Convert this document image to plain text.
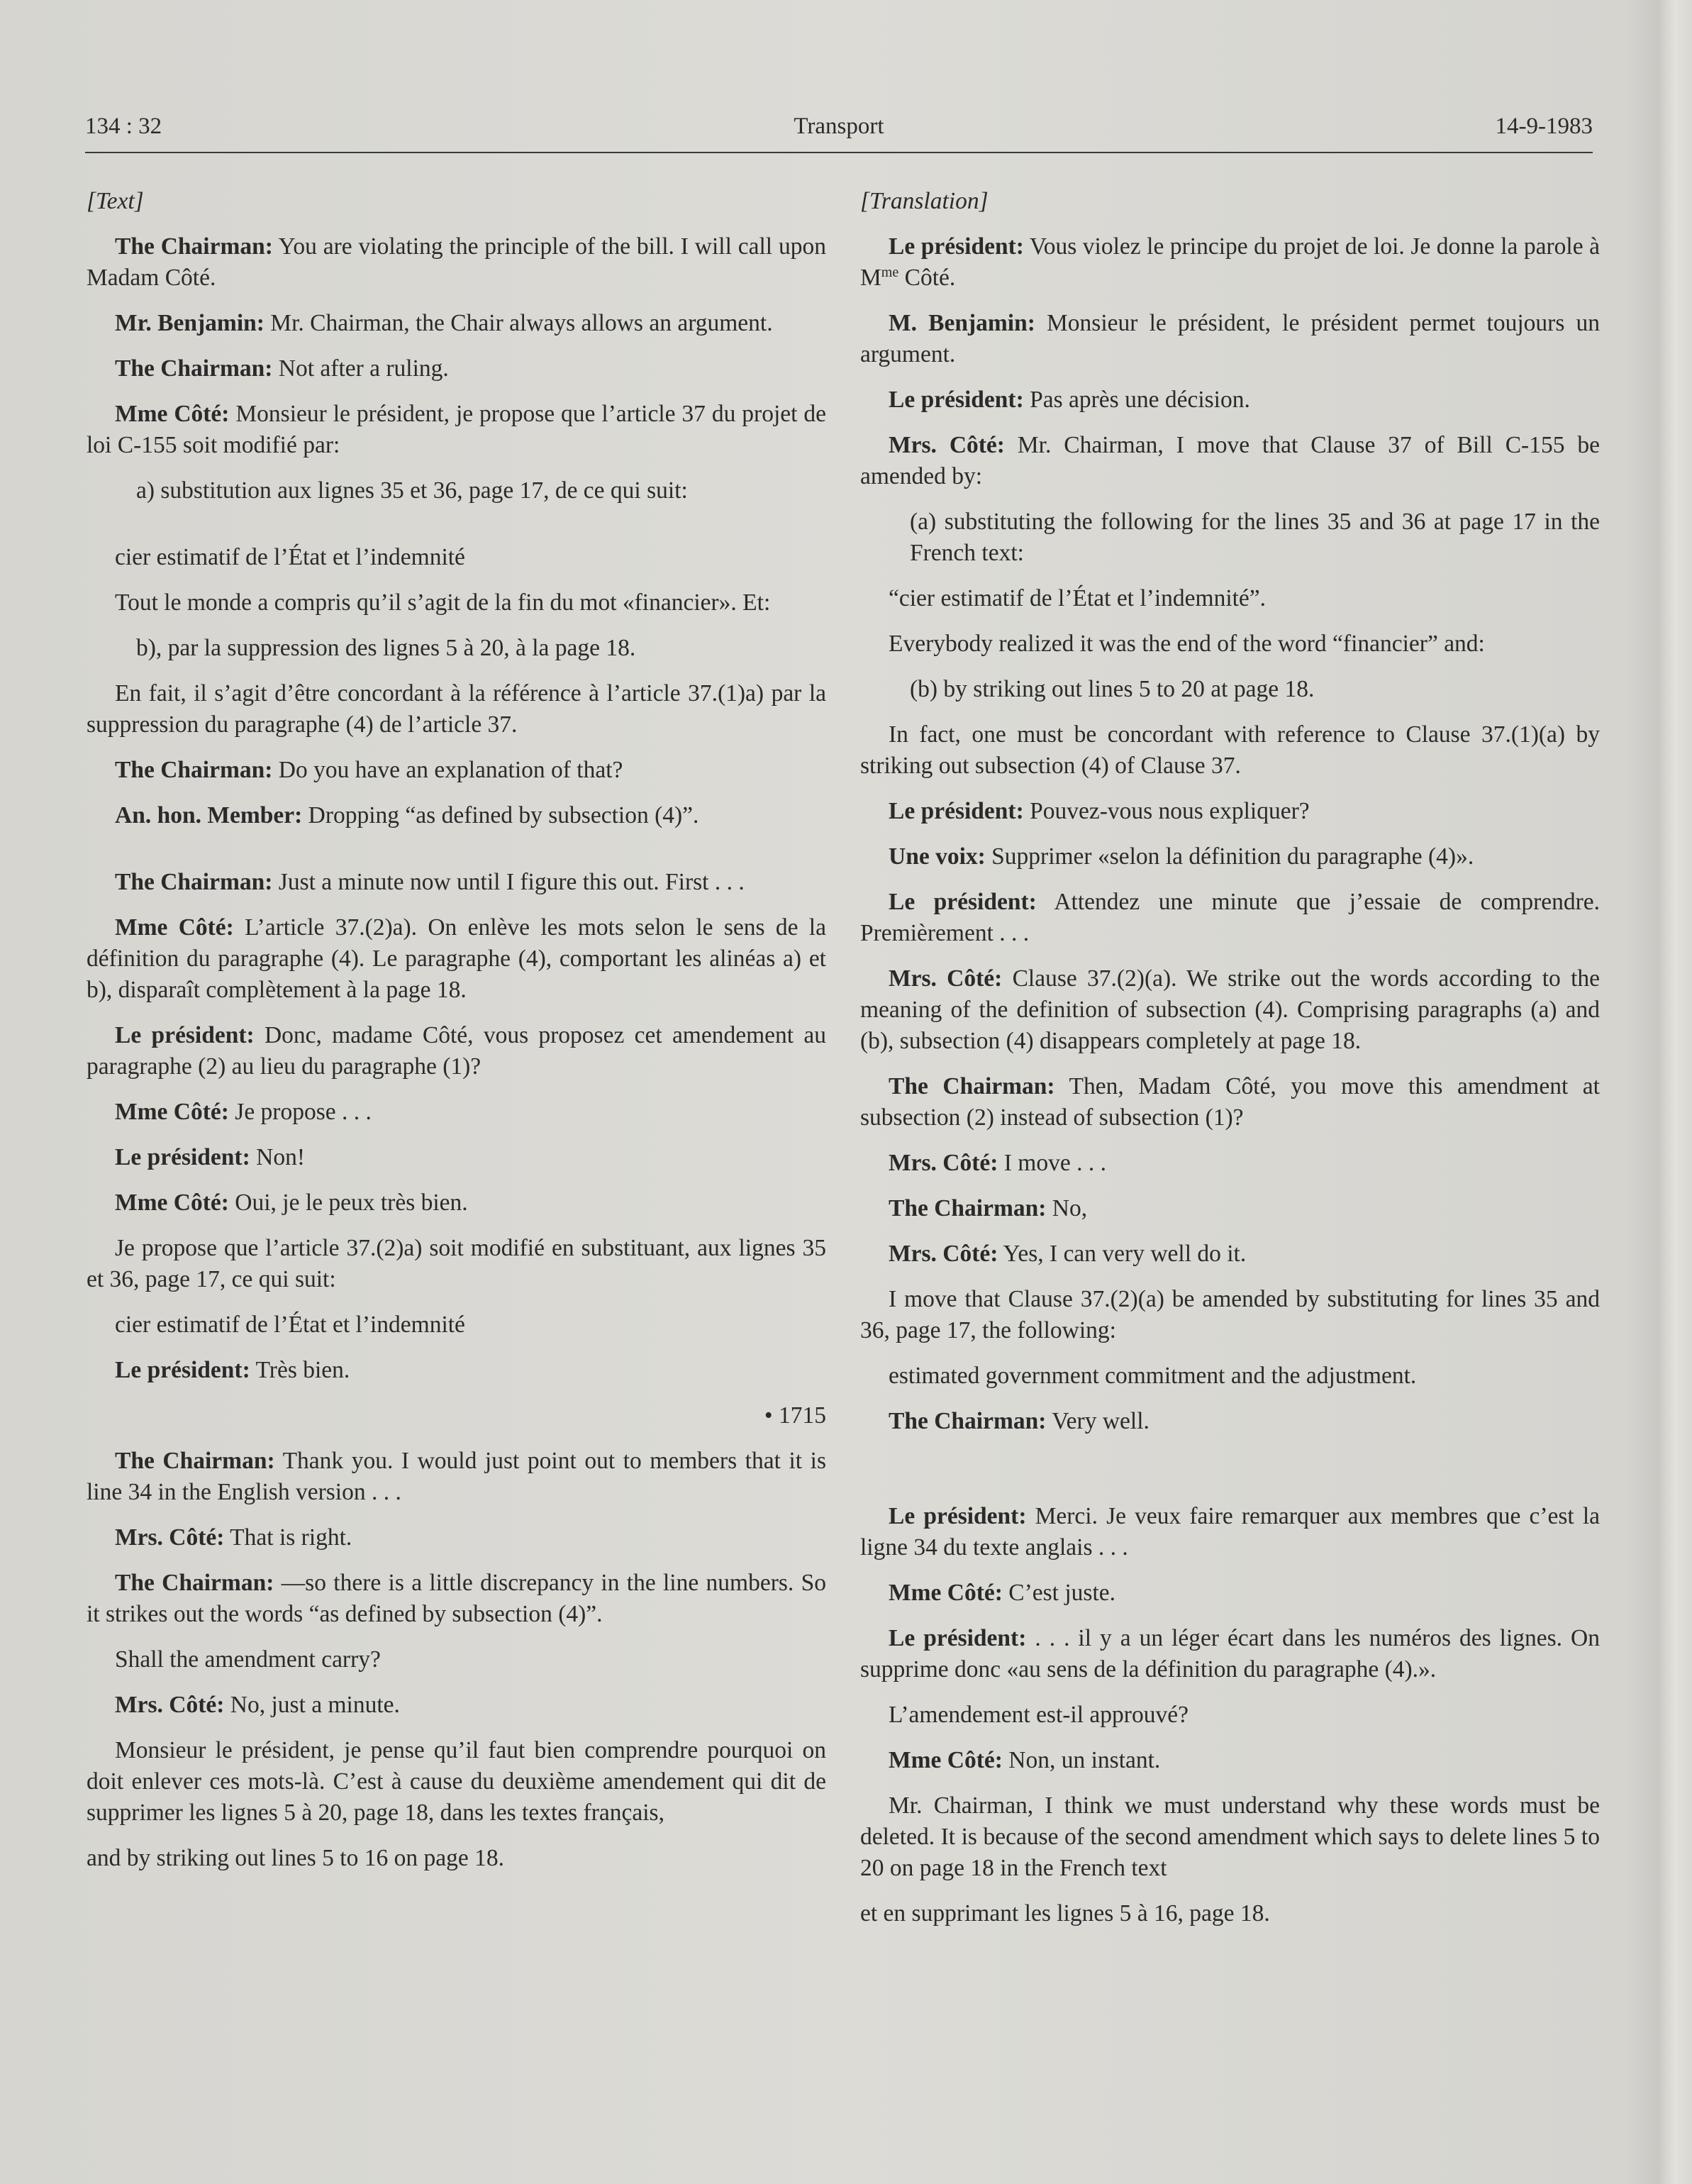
134 : 32	Transport	14-9-1983

[Text]

The Chairman: You are violating the principle of the bill. I will call upon Madam Côté.

Mr. Benjamin: Mr. Chairman, the Chair always allows an argument.

The Chairman: Not after a ruling.

Mme Côté: Monsieur le président, je propose que l’article 37 du projet de loi C-155 soit modifié par:

a) substitution aux lignes 35 et 36, page 17, de ce qui suit:

cier estimatif de l’État et l’indemnité

Tout le monde a compris qu’il s’agit de la fin du mot «financier». Et:

b), par la suppression des lignes 5 à 20, à la page 18.

En fait, il s’agit d’être concordant à la référence à l’article 37.(1)a) par la suppression du paragraphe (4) de l’article 37.

The Chairman: Do you have an explanation of that?

An. hon. Member: Dropping “as defined by subsection (4)”.

The Chairman: Just a minute now until I figure this out. First . . .

Mme Côté: L’article 37.(2)a). On enlève les mots selon le sens de la définition du paragraphe (4). Le paragraphe (4), comportant les alinéas a) et b), disparaît complètement à la page 18.

Le président: Donc, madame Côté, vous proposez cet amendement au paragraphe (2) au lieu du paragraphe (1)?

Mme Côté: Je propose . . .

Le président: Non!

Mme Côté: Oui, je le peux très bien.

Je propose que l’article 37.(2)a) soit modifié en substituant, aux lignes 35 et 36, page 17, ce qui suit:

cier estimatif de l’État et l’indemnité

Le président: Très bien.

• 1715

The Chairman: Thank you. I would just point out to members that it is line 34 in the English version . . .

Mrs. Côté: That is right.

The Chairman: —so there is a little discrepancy in the line numbers. So it strikes out the words “as defined by subsection (4)”.

Shall the amendment carry?

Mrs. Côté: No, just a minute.

Monsieur le président, je pense qu’il faut bien comprendre pourquoi on doit enlever ces mots-là. C’est à cause du deuxième amendement qui dit de supprimer les lignes 5 à 20, page 18, dans les textes français,

and by striking out lines 5 to 16 on page 18.

[Translation]

Le président: Vous violez le principe du projet de loi. Je donne la parole à $M^{me}$ Côté.

M. Benjamin: Monsieur le président, le président permet toujours un argument.

Le président: Pas après une décision.

Mrs. Côté: Mr. Chairman, I move that Clause 37 of Bill C-155 be amended by:

(a) substituting the following for the lines 35 and 36 at page 17 in the French text:

“cier estimatif de l’État et l’indemnité”.

Everybody realized it was the end of the word “financier” and:

(b) by striking out lines 5 to 20 at page 18.

In fact, one must be concordant with reference to Clause 37.(1)(a) by striking out subsection (4) of Clause 37.

Le président: Pouvez-vous nous expliquer?

Une voix: Supprimer «selon la définition du paragraphe (4)».

Le président: Attendez une minute que j’essaie de comprendre. Premièrement . . .

Mrs. Côté: Clause 37.(2)(a). We strike out the words according to the meaning of the definition of subsection (4). Comprising paragraphs (a) and (b), subsection (4) disappears completely at page 18.

The Chairman: Then, Madam Côté, you move this amendment at subsection (2) instead of subsection (1)?

Mrs. Côté: I move . . .

The Chairman: No,

Mrs. Côté: Yes, I can very well do it.

I move that Clause 37.(2)(a) be amended by substituting for lines 35 and 36, page 17, the following:

estimated government commitment and the adjustment.

The Chairman: Very well.

Le président: Merci. Je veux faire remarquer aux membres que c’est la ligne 34 du texte anglais . . .

Mme Côté: C’est juste.

Le président: . . . il y a un léger écart dans les numéros des lignes. On supprime donc «au sens de la définition du paragraphe (4).».

L’amendement est-il approuvé?

Mme Côté: Non, un instant.

Mr. Chairman, I think we must understand why these words must be deleted. It is because of the second amendment which says to delete lines 5 to 20 on page 18 in the French text

et en supprimant les lignes 5 à 16, page 18.
